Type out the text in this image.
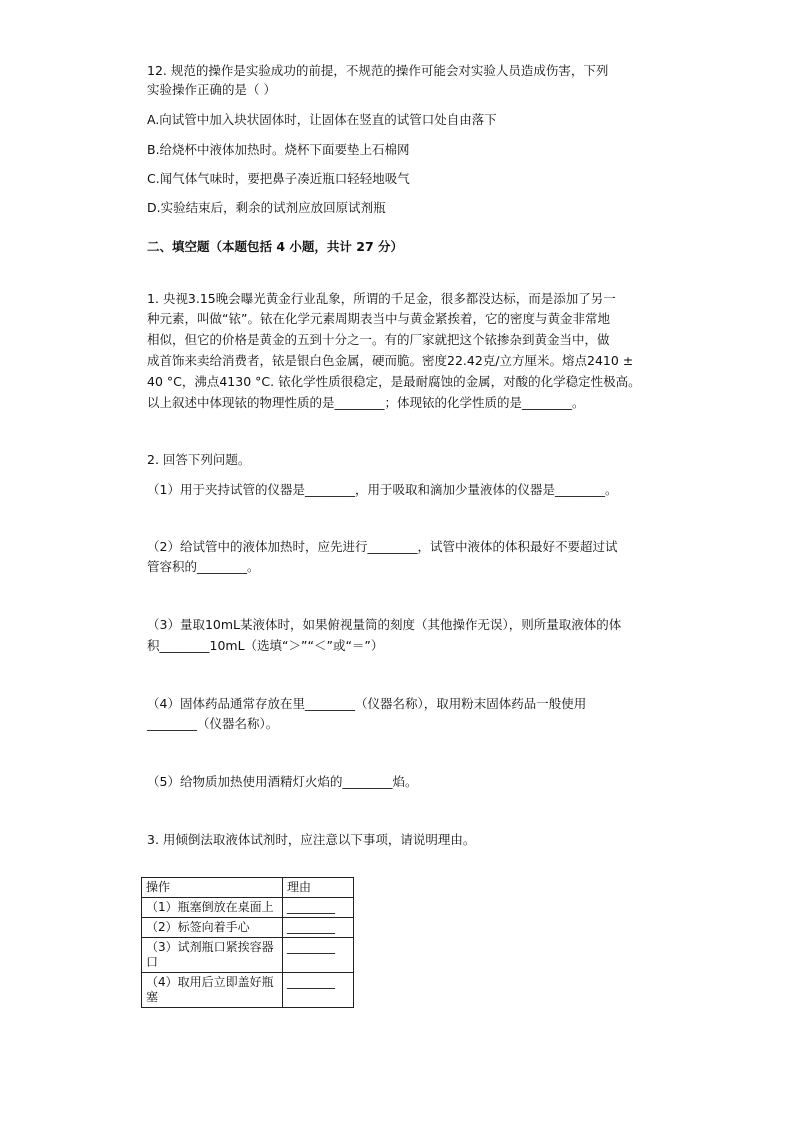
12. 规范的操作是实验成功的前提，不规范的操作可能会对实验人员造成伤害，下列
实验操作正确的是（ ）
A.向试管中加入块状固体时，让固体在竖直的试管口处自由落下
B.给烧杯中液体加热时。烧杯下面要垫上石棉网
C.闻气体气味时，要把鼻子凑近瓶口轻轻地吸气
D.实验结束后，剩余的试剂应放回原试剂瓶
二、填空题（本题包括 4 小题，共计 27 分）
1. 央视3.15晚会曝光黄金行业乱象，所谓的千足金，很多都没达标，而是添加了另一
种元素，叫做“铱”。铱在化学元素周期表当中与黄金紧挨着，它的密度与黄金非常地
相似，但它的价格是黄金的五到十分之一。有的厂家就把这个铱掺杂到黄金当中，做
成首饰来卖给消费者，铱是银白色金属，硬而脆。密度22.42克/立方厘米。熔点2410 ±
40 °C，沸点4130 °C. 铱化学性质很稳定，是最耐腐蚀的金属，对酸的化学稳定性极高。
以上叙述中体现铱的物理性质的是________；体现铱的化学性质的是________。
2. 回答下列问题。
（1）用于夹持试管的仪器是________，用于吸取和滴加少量液体的仪器是________。
（2）给试管中的液体加热时，应先进行________，试管中液体的体积最好不要超过试
管容积的________。
（3）量取10mL某液体时，如果俯视量筒的刻度（其他操作无误），则所量取液体的体
积________10mL（选填“＞”“＜”或“＝”）
（4）固体药品通常存放在里________（仪器名称），取用粉末固体药品一般使用
________（仪器名称）。
（5）给物质加热使用酒精灯火焰的________焰。
3. 用倾倒法取液体试剂时，应注意以下事项，请说明理由。
操作	理由
（1）瓶塞倒放在桌面上	________
（2）标签向着手心	________
（3）试剂瓶口紧挨容器口	________
（4）取用后立即盖好瓶塞	________
